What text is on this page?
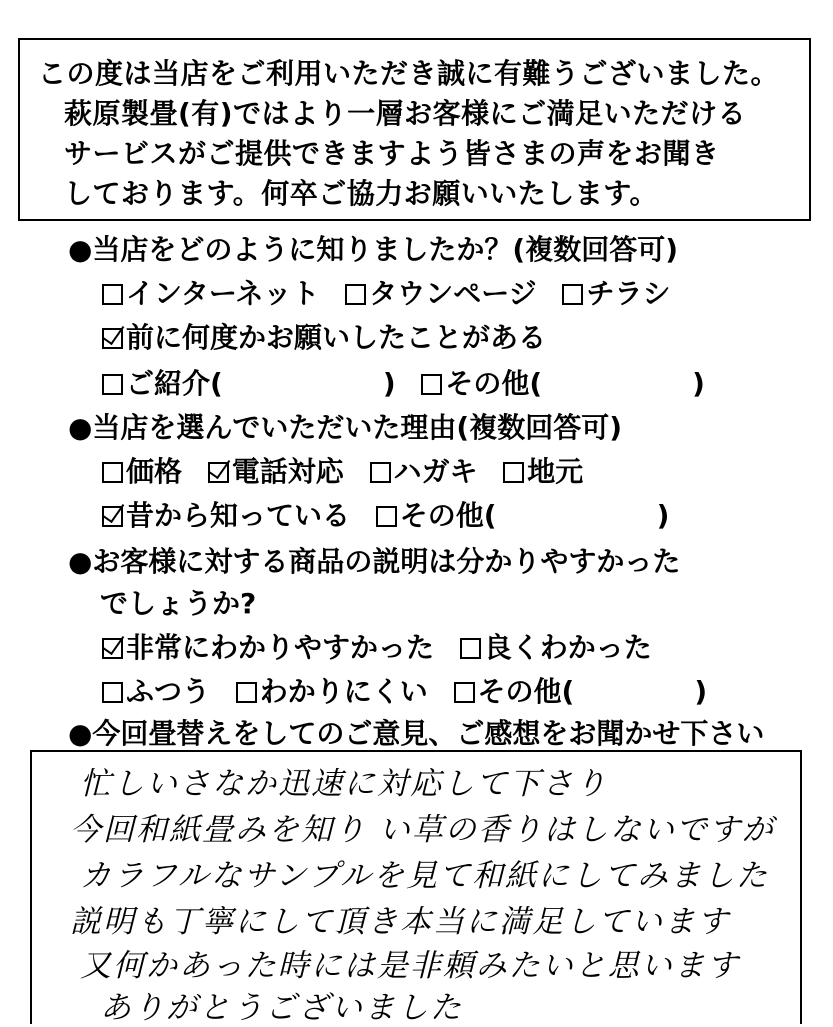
この度は当店をご利用いただき誠に有難うございました。
萩原製畳(有)ではより一層お客様にご満足いただける
サービスがご提供できますよう皆さまの声をお聞き
しております。何卒ご協力お願いいたします。
●当店をどのように知りましたか？(複数回答可)
インターネット タウンページ チラシ
前に何度かお願いしたことがある
ご紹介(	) その他(	)
●当店を選んでいただいた理由(複数回答可)
価格 電話対応 ハガキ 地元
昔から知っている その他(	)
●お客様に対する商品の説明は分かりやすかった
でしょうか?
非常にわかりやすかった 良くわかった
ふつう わかりにくい その他(	)
●今回畳替えをしてのご意見、ご感想をお聞かせ下さい
忙しいさなか迅速に対応して下さり
今回和紙畳みを知り い草の香りはしないですが
カラフルなサンプルを見て和紙にしてみました
説明も丁寧にして頂き本当に満足しています
又何かあった時には是非頼みたいと思います
ありがとうございました
